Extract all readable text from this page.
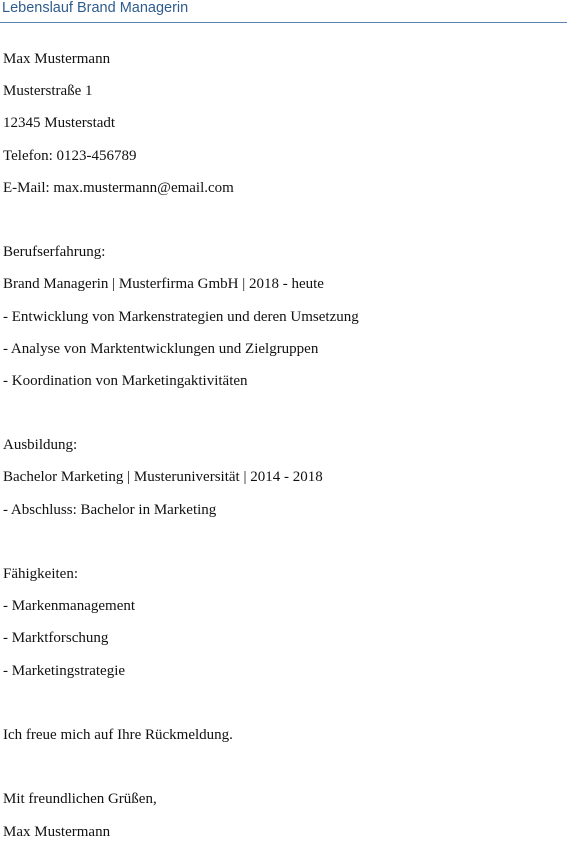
Lebenslauf Brand Managerin
Max Mustermann
Musterstraße 1
12345 Musterstadt
Telefon: 0123-456789
E-Mail: max.mustermann@email.com
Berufserfahrung:
Brand Managerin | Musterfirma GmbH | 2018 - heute
- Entwicklung von Markenstrategien und deren Umsetzung
- Analyse von Marktentwicklungen und Zielgruppen
- Koordination von Marketingaktivitäten
Ausbildung:
Bachelor Marketing | Musteruniversität | 2014 - 2018
- Abschluss: Bachelor in Marketing
Fähigkeiten:
- Markenmanagement
- Marktforschung
- Marketingstrategie
Ich freue mich auf Ihre Rückmeldung.
Mit freundlichen Grüßen,
Max Mustermann
